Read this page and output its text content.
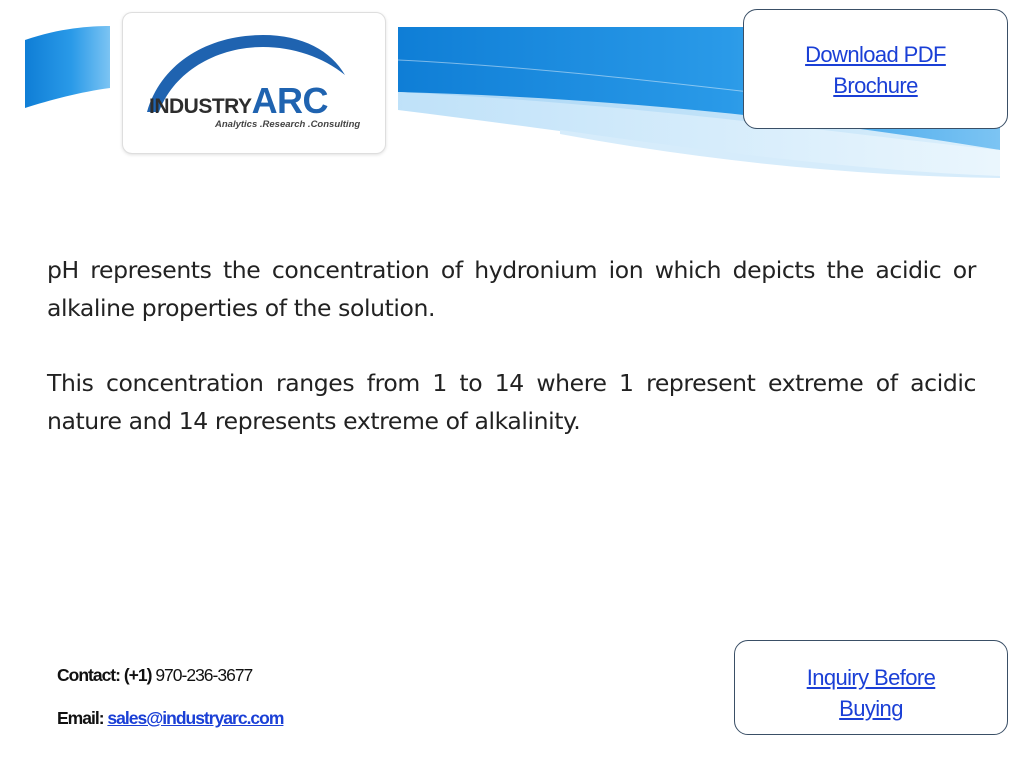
INDUSTRYARC
Analytics .Research .Consulting
Download PDF Brochure

pH represents the concentration of hydronium ion which depicts the acidic or alkaline properties of the solution.

This concentration ranges from 1 to 14 where 1 represent extreme of acidic nature and 14 represents extreme of alkalinity.

Contact: (+1) 970-236-3677
Email: sales@industryarc.com
Inquiry Before Buying
